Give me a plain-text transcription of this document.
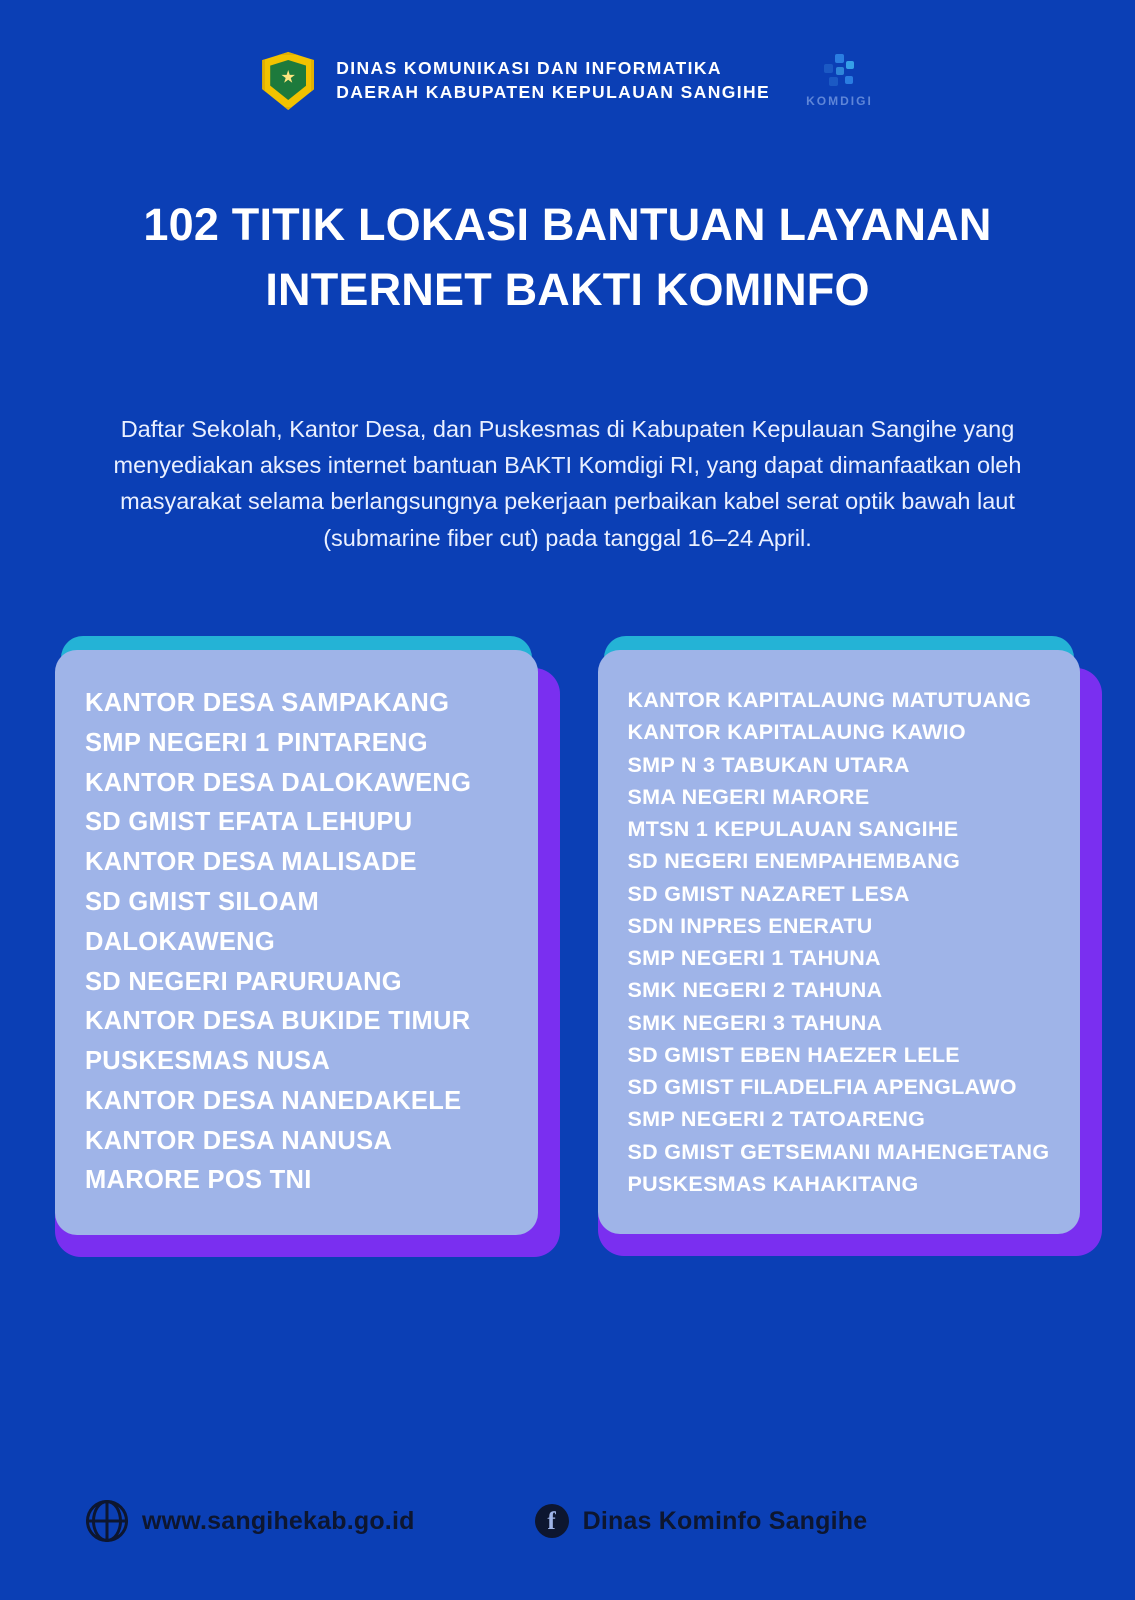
DINAS KOMUNIKASI DAN INFORMATIKA
DAERAH KABUPATEN KEPULAUAN SANGIHE	KOMDIGI
102 TITIK LOKASI BANTUAN LAYANAN INTERNET BAKTI KOMINFO
Daftar Sekolah, Kantor Desa, dan Puskesmas di Kabupaten Kepulauan Sangihe yang menyediakan akses internet bantuan BAKTI Komdigi RI, yang dapat dimanfaatkan oleh masyarakat selama berlangsungnya pekerjaan perbaikan kabel serat optik bawah laut (submarine fiber cut) pada tanggal 16–24 April.
KANTOR DESA SAMPAKANG
SMP NEGERI 1 PINTARENG
KANTOR DESA DALOKAWENG
SD GMIST EFATA LEHUPU
KANTOR DESA MALISADE
SD GMIST SILOAM DALOKAWENG
SD NEGERI PARURUANG
KANTOR DESA BUKIDE TIMUR
PUSKESMAS NUSA
KANTOR DESA NANEDAKELE
KANTOR DESA NANUSA
MARORE POS TNI
KANTOR KAPITALAUNG MATUTUANG
KANTOR KAPITALAUNG KAWIO
SMP N 3 TABUKAN UTARA
SMA NEGERI MARORE
MTSN 1 KEPULAUAN SANGIHE
SD NEGERI ENEMPAHEMBANG
SD GMIST NAZARET LESA
SDN INPRES ENERATU
SMP NEGERI 1 TAHUNA
SMK NEGERI 2 TAHUNA
SMK NEGERI 3 TAHUNA
SD GMIST EBEN HAEZER LELE
SD GMIST FILADELFIA APENGLAWO
SMP NEGERI 2 TATOARENG
SD GMIST GETSEMANI MAHENGETANG
PUSKESMAS KAHAKITANG
www.sangihekab.go.id	f	Dinas Kominfo Sangihe
